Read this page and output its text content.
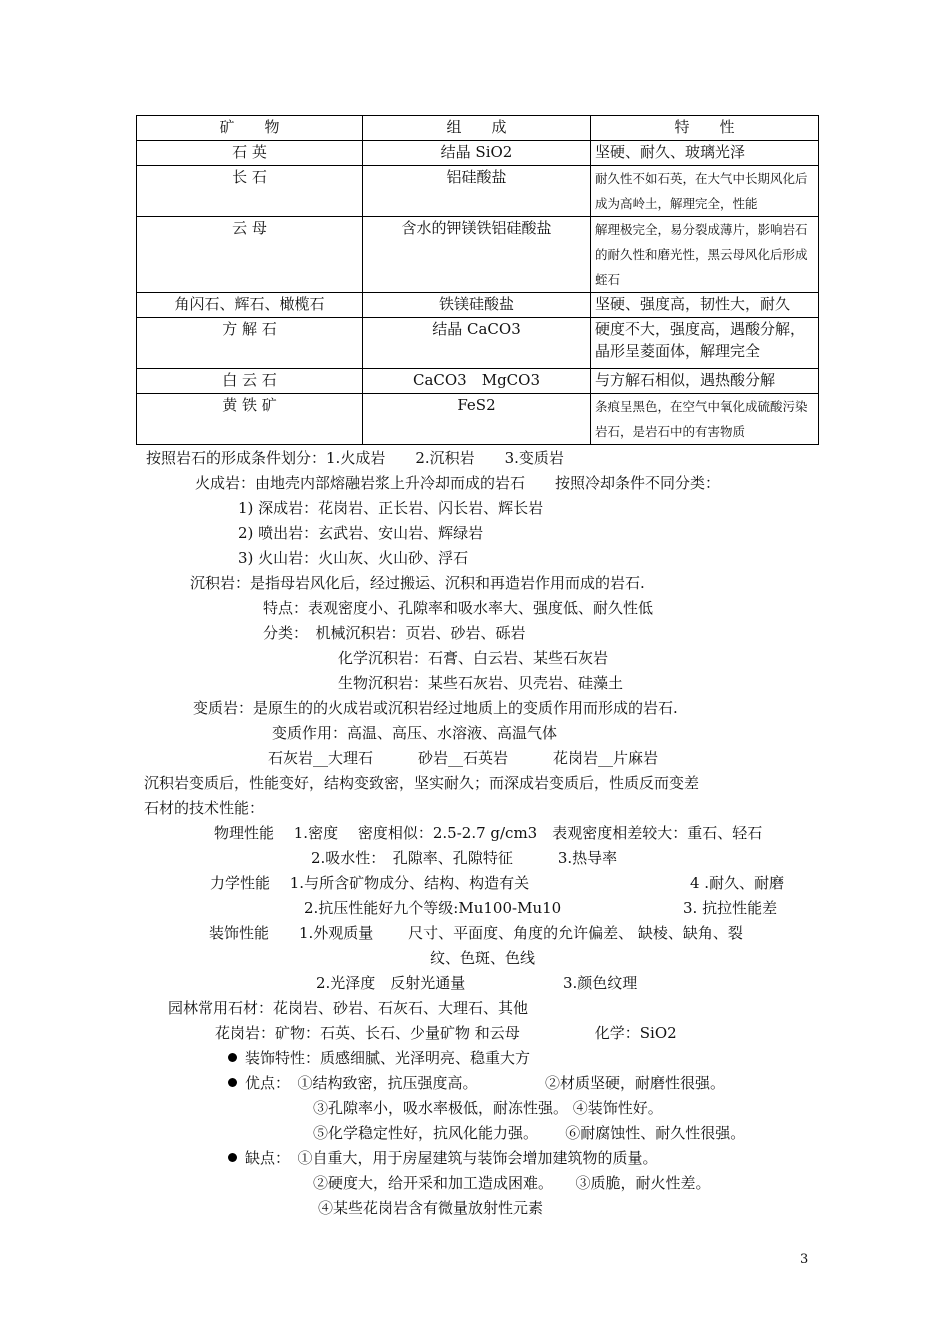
矿　　物	组　　成	特　　性
石 英	结晶 SiO2	坚硬、耐久、玻璃光泽
长 石	铝硅酸盐	耐久性不如石英，在大气中长期风化后成为高岭土，解理完全，性能
云 母	含水的钾镁铁铝硅酸盐	解理极完全，易分裂成薄片，影响岩石的耐久性和磨光性，黑云母风化后形成蛭石
角闪石、辉石、橄榄石	铁镁硅酸盐	坚硬、强度高，韧性大，耐久
方 解 石	结晶 CaCO3	硬度不大，强度高，遇酸分解，晶形呈菱面体，解理完全
白 云 石	CaCO3　MgCO3	与方解石相似，遇热酸分解
黄 铁 矿	FeS2	条痕呈黑色，在空气中氧化成硫酸污染岩石，是岩石中的有害物质
按照岩石的形成条件划分：1.火成岩　　2.沉积岩　　3.变质岩
火成岩：由地壳内部熔融岩浆上升冷却而成的岩石　　按照冷却条件不同分类：
1) 深成岩：花岗岩、正长岩、闪长岩、辉长岩
2) 喷出岩：玄武岩、安山岩、辉绿岩
3) 火山岩：火山灰、火山砂、浮石
沉积岩：是指母岩风化后，经过搬运、沉积和再造岩作用而成的岩石.
特点：表观密度小、孔隙率和吸水率大、强度低、耐久性低
分类：　机械沉积岩：页岩、砂岩、砾岩
化学沉积岩：石膏、白云岩、某些石灰岩
生物沉积岩：某些石灰岩、贝壳岩、硅藻土
变质岩：是原生的的火成岩或沉积岩经过地质上的变质作用而形成的岩石.
变质作用：高温、高压、水溶液、高温气体
石灰岩__大理石　　　砂岩__石英岩　　　花岗岩__片麻岩
沉积岩变质后，性能变好，结构变致密，坚实耐久；而深成岩变质后，性质反而变差
石材的技术性能：
物理性能　 1.密度　 密度相似：2.5-2.7 g/cm3　表观密度相差较大：重石、轻石
2.吸水性：　孔隙率、孔隙特征　　　3.热导率
力学性能　 1.与所含矿物成分、结构、构造有关	4 .耐久、耐磨
2.抗压性能好九个等级:Mu100-Mu10	3. 抗拉性能差
装饰性能　　1.外观质量　　 尺寸、平面度、角度的允许偏差、 缺棱、缺角、裂
纹、色斑、色线
2.光泽度　反射光通量	3.颜色纹理
园林常用石材：花岗岩、砂岩、石灰石、大理石、其他
花岗岩：矿物：石英、长石、少量矿物 和云母　　　　　化学：SiO2
③孔隙率小，吸水率极低，耐冻性强。 ④装饰性好。
⑤化学稳定性好，抗风化能力强。　　 ⑥耐腐蚀性、耐久性很强。
②硬度大，给开采和加工造成困难。　　③质脆，耐火性差。
④某些花岗岩含有微量放射性元素
装饰特性：质感细腻、光泽明亮、稳重大方
优点：　①结构致密，抗压强度高。　　　　　②材质坚硬，耐磨性很强。
缺点：　①自重大，用于房屋建筑与装饰会增加建筑物的质量。
3
